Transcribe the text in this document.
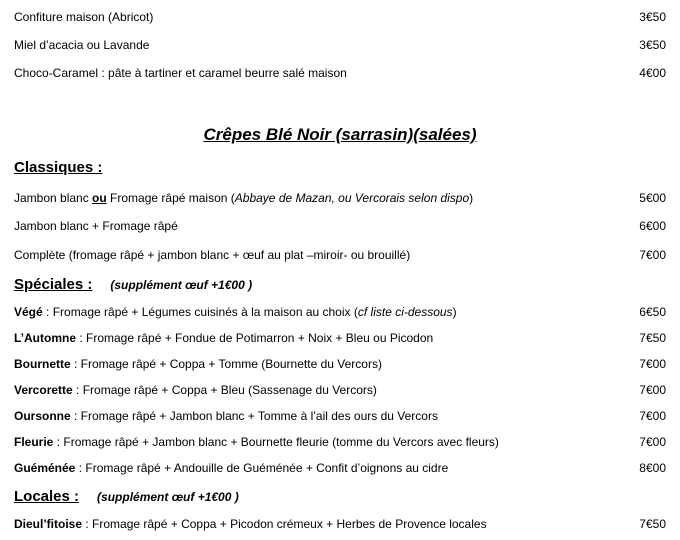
Confiture maison (Abricot)	3€50
Miel d’acacia ou Lavande	3€50
Choco-Caramel : pâte à tartiner et caramel beurre salé maison	4€00
Crêpes Blé Noir (sarrasin)(salées)
Classiques :
Jambon blanc ou Fromage râpé maison (Abbaye de Mazan, ou Vercorais selon dispo)	5€00
Jambon blanc + Fromage râpé	6€00
Complète (fromage râpé + jambon blanc + œuf au plat –miroir- ou brouillé)	7€00
Spéciales : (supplément œuf +1€00 )
Végé : Fromage râpé + Légumes cuisinés à la maison au choix (cf liste ci-dessous)	6€50
L’Automne : Fromage râpé + Fondue de Potimarron + Noix + Bleu ou Picodon	7€50
Bournette : Fromage râpé + Coppa + Tomme (Bournette du Vercors)	7€00
Vercorette : Fromage râpé + Coppa + Bleu (Sassenage du Vercors)	7€00
Oursonne : Fromage râpé + Jambon blanc + Tomme à l’ail des ours du Vercors	7€00
Fleurie : Fromage râpé + Jambon blanc + Bournette fleurie (tomme du Vercors avec fleurs)	7€00
Guéménée : Fromage râpé + Andouille de Guéménée + Confit d’oignons au cidre	8€00
Locales : (supplément œuf +1€00 )
Dieul’fitoise : Fromage râpé + Coppa + Picodon crémeux + Herbes de Provence locales	7€50
